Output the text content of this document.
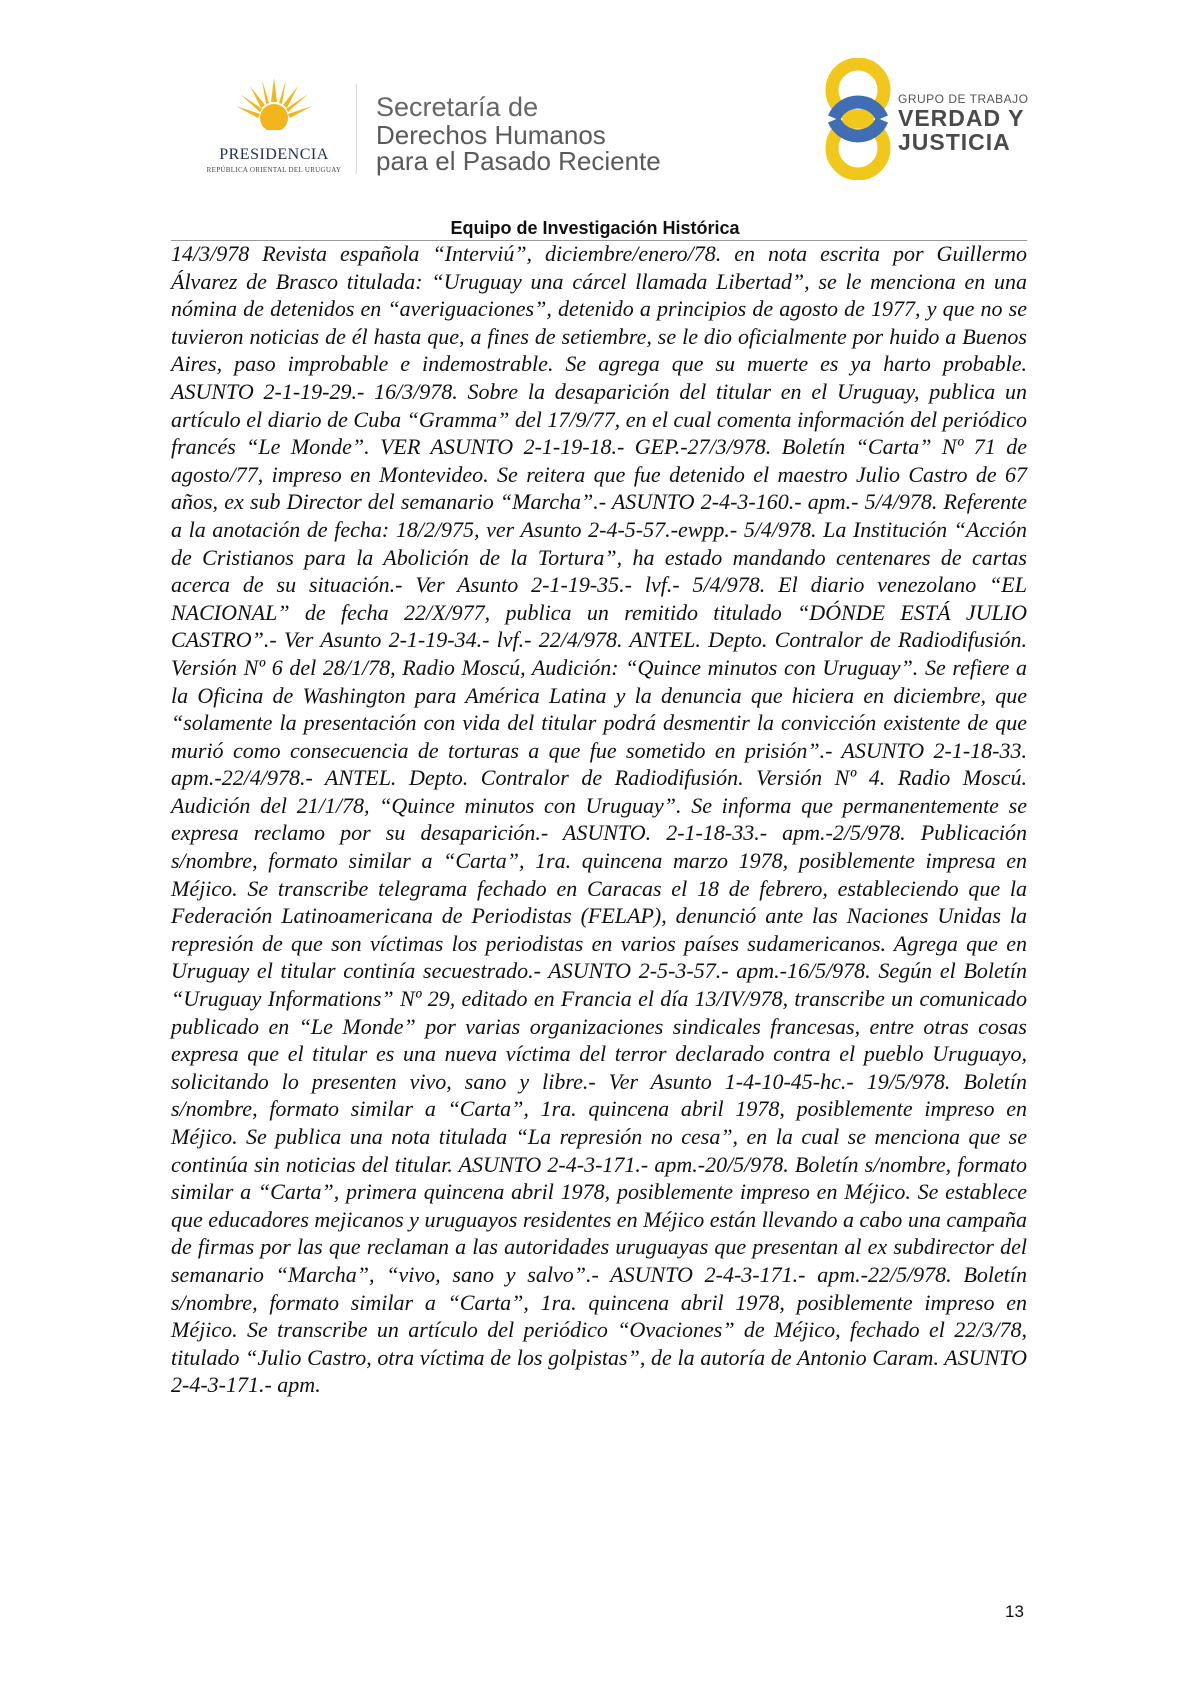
PRESIDENCIA
REPÚBLICA ORIENTAL DEL URUGUAY
Secretaría de
Derechos Humanos
para el Pasado Reciente
GRUPO DE TRABAJO
VERDAD Y
JUSTICIA
Equipo de Investigación Histórica
14/3/978 Revista española “Interviú”, diciembre/enero/78. en nota escrita por Guillermo Álvarez de Brasco titulada: “Uruguay una cárcel llamada Libertad”, se le menciona en una nómina de detenidos en “averiguaciones”, detenido a principios de agosto de 1977, y que no se tuvieron noticias de él hasta que, a fines de setiembre, se le dio oficialmente por huido a Buenos Aires, paso improbable e indemostrable. Se agrega que su muerte es ya harto probable. ASUNTO 2-1-19-29.- 16/3/978. Sobre la desaparición del titular en el Uruguay, publica un artículo el diario de Cuba “Gramma” del 17/9/77, en el cual comenta información del periódico francés “Le Monde”. VER ASUNTO 2-1-19-18.- GEP.-27/3/978. Boletín “Carta” Nº 71 de agosto/77, impreso en Montevideo. Se reitera que fue detenido el maestro Julio Castro de 67 años, ex sub Director del semanario “Marcha”.- ASUNTO 2-4-3-160.- apm.- 5/4/978. Referente a la anotación de fecha: 18/2/975, ver Asunto 2-4-5-57.-ewpp.- 5/4/978. La Institución “Acción de Cristianos para la Abolición de la Tortura”, ha estado mandando centenares de cartas acerca de su situación.- Ver Asunto 2-1-19-35.- lvf.- 5/4/978. El diario venezolano “EL NACIONAL” de fecha 22/X/977, publica un remitido titulado “DÓNDE ESTÁ JULIO CASTRO”.- Ver Asunto 2-1-19-34.- lvf.- 22/4/978. ANTEL. Depto. Contralor de Radiodifusión. Versión Nº 6 del 28/1/78, Radio Moscú, Audición: “Quince minutos con Uruguay”. Se refiere a la Oficina de Washington para América Latina y la denuncia que hiciera en diciembre, que “solamente la presentación con vida del titular podrá desmentir la convicción existente de que murió como consecuencia de torturas a que fue sometido en prisión”.- ASUNTO 2-1-18-33. apm.-22/4/978.- ANTEL. Depto. Contralor de Radiodifusión. Versión Nº 4. Radio Moscú. Audición del 21/1/78, “Quince minutos con Uruguay”. Se informa que permanentemente se expresa reclamo por su desaparición.- ASUNTO. 2-1-18-33.- apm.-2/5/978. Publicación s/nombre, formato similar a “Carta”, 1ra. quincena marzo 1978, posiblemente impresa en Méjico. Se transcribe telegrama fechado en Caracas el 18 de febrero, estableciendo que la Federación Latinoamericana de Periodistas (FELAP), denunció ante las Naciones Unidas la represión de que son víctimas los periodistas en varios países sudamericanos. Agrega que en Uruguay el titular continía secuestrado.- ASUNTO 2-5-3-57.- apm.-16/5/978. Según el Boletín “Uruguay Informations” Nº 29, editado en Francia el día 13/IV/978, transcribe un comunicado publicado en “Le Monde” por varias organizaciones sindicales francesas, entre otras cosas expresa que el titular es una nueva víctima del terror declarado contra el pueblo Uruguayo, solicitando lo presenten vivo, sano y libre.- Ver Asunto 1-4-10-45-hc.- 19/5/978. Boletín s/nombre, formato similar a “Carta”, 1ra. quincena abril 1978, posiblemente impreso en Méjico. Se publica una nota titulada “La represión no cesa”, en la cual se menciona que se continúa sin noticias del titular. ASUNTO 2-4-3-171.- apm.-20/5/978. Boletín s/nombre, formato similar a “Carta”, primera quincena abril 1978, posiblemente impreso en Méjico. Se establece que educadores mejicanos y uruguayos residentes en Méjico están llevando a cabo una campaña de firmas por las que reclaman a las autoridades uruguayas que presentan al ex subdirector del semanario “Marcha”, “vivo, sano y salvo”.- ASUNTO 2-4-3-171.- apm.-22/5/978. Boletín s/nombre, formato similar a “Carta”, 1ra. quincena abril 1978, posiblemente impreso en Méjico. Se transcribe un artículo del periódico “Ovaciones” de Méjico, fechado el 22/3/78, titulado “Julio Castro, otra víctima de los golpistas”, de la autoría de Antonio Caram. ASUNTO 2-4-3-171.- apm.
13
